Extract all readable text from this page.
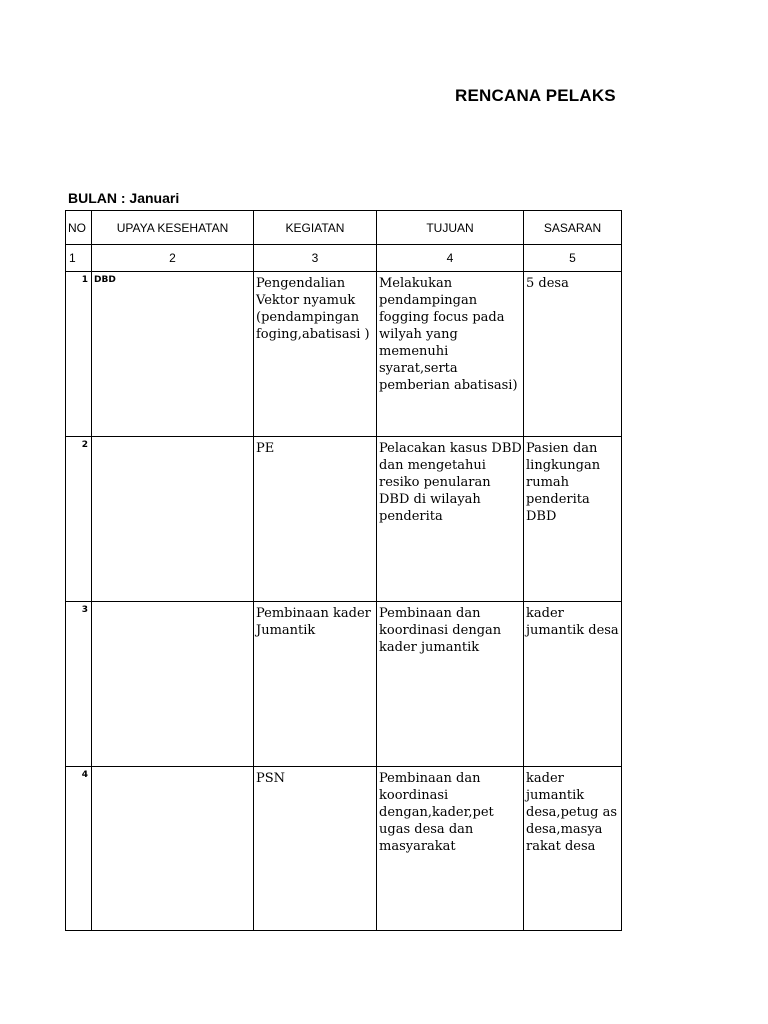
RENCANA PELAKS
BULAN : Januari
NO	UPAYA KESEHATAN	KEGIATAN	TUJUAN	SASARAN
1	2	3	4	5
1	DBD	Pengendalian Vektor nyamuk (pendampingan foging,abatisasi )	Melakukan pendampingan fogging focus pada wilyah yang memenuhi syarat,serta pemberian abatisasi)	5 desa
2		PE	Pelacakan kasus DBD dan mengetahui resiko penularan DBD di wilayah penderita	Pasien dan lingkungan rumah penderita DBD
3		Pembinaan kader Jumantik	Pembinaan dan koordinasi dengan kader jumantik	kader jumantik desa
4		PSN	Pembinaan dan koordinasi dengan,kader,pet ugas desa dan masyarakat	kader jumantik desa,petug as desa,masya rakat desa
